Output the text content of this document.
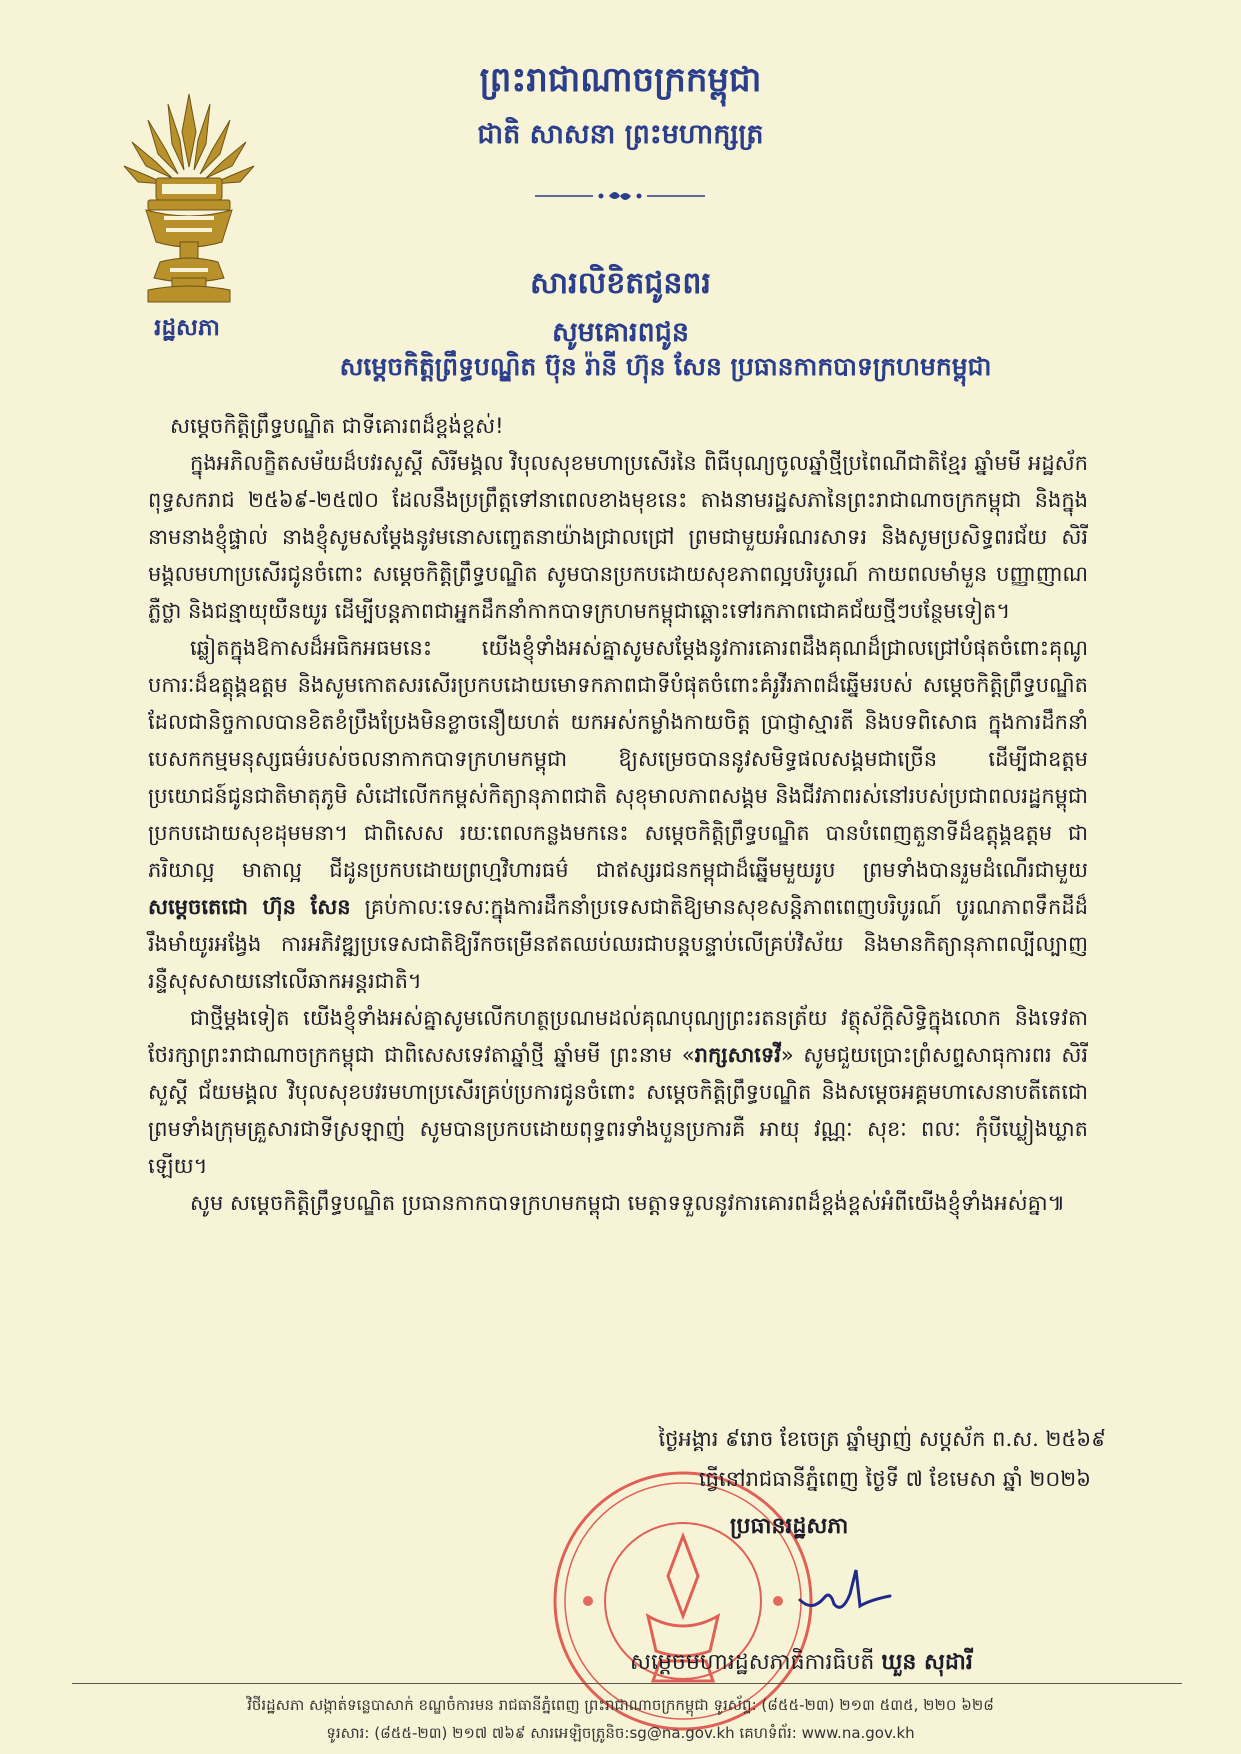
រដ្ឋសភា
ព្រះរាជាណាចក្រកម្ពុជា
ជាតិ សាសនា ព្រះមហាក្សត្រ
សារលិខិតជូនពរ
សូមគោរពជូន
សម្ដេចកិត្តិព្រឹទ្ធបណ្ឌិត ប៊ុន រ៉ានី ហ៊ុន សែន ប្រធានកាកបាទក្រហមកម្ពុជា

សម្ដេចកិត្តិព្រឹទ្ធបណ្ឌិត ជាទីគោរពដ៏ខ្ពង់ខ្ពស់!

ក្នុងអភិលក្ខិតសម័យដ៏បវរសួស្ដី សិរីមង្គល វិបុលសុខមហាប្រសើរនៃ ពិធីបុណ្យចូលឆ្នាំថ្មីប្រពៃណីជាតិខ្មែរ ឆ្នាំមមី អដ្ឋស័ក ពុទ្ធសករាជ ២៥៦៩-២៥៧០ ដែលនឹងប្រព្រឹត្តទៅនាពេលខាងមុខនេះ តាងនាមរដ្ឋសភានៃព្រះរាជាណាចក្រកម្ពុជា និងក្នុងនាមនាងខ្ញុំផ្ទាល់ នាងខ្ញុំសូមសម្ដែងនូវមនោសញ្ចេតនាយ៉ាងជ្រាលជ្រៅ ព្រមជាមួយអំណរសាទរ និងសូមប្រសិទ្ធពរជ័យ សិរីមង្គលមហាប្រសើរជូនចំពោះ សម្ដេចកិត្តិព្រឹទ្ធបណ្ឌិត សូមបានប្រកបដោយសុខភាពល្អបរិបូរណ៍ កាយពលមាំមួន បញ្ញាញាណភ្លឺថ្លា និងជន្មាយុយឺនយូរ ដើម្បីបន្តភាពជាអ្នកដឹកនាំកាកបាទក្រហមកម្ពុជាឆ្ពោះទៅរកភាពជោគជ័យថ្មីៗបន្ថែមទៀត។

ឆ្លៀតក្នុងឱកាសដ៏អធិកអធមនេះ យើងខ្ញុំទាំងអស់គ្នាសូមសម្ដែងនូវការគោរពដឹងគុណដ៏ជ្រាលជ្រៅបំផុតចំពោះគុណូបការៈដ៏ឧត្ដុង្គឧត្ដម និងសូមកោតសរសើរប្រកបដោយមោទកភាពជាទីបំផុតចំពោះគំរូវីរភាពដ៏ឆ្នើមរបស់ សម្ដេចកិត្តិព្រឹទ្ធបណ្ឌិត ដែលជានិច្ចកាលបានខិតខំប្រឹងប្រែងមិនខ្លាចនឿយហត់ យកអស់កម្លាំងកាយចិត្ត ប្រាជ្ញាស្មារតី និងបទពិសោធ ក្នុងការដឹកនាំបេសកកម្មមនុស្សធម៌របស់ចលនាកាកបាទក្រហមកម្ពុជា ឱ្យសម្រេចបាននូវសមិទ្ធផលសង្គមជាច្រើន ដើម្បីជាឧត្តមប្រយោជន៍ជូនជាតិមាតុភូមិ សំដៅលើកកម្ពស់កិត្យានុភាពជាតិ សុខុមាលភាពសង្គម និងជីវភាពរស់នៅរបស់ប្រជាពលរដ្ឋកម្ពុជាប្រកបដោយសុខដុមមនា។ ជាពិសេស រយៈពេលកន្លងមកនេះ សម្ដេចកិត្តិព្រឹទ្ធបណ្ឌិត បានបំពេញតួនាទីដ៏ឧត្ដុង្គឧត្ដម ជាភរិយាល្អ មាតាល្អ ជីដូនប្រកបដោយព្រហ្មវិហារធម៌ ជាឥស្សរជនកម្ពុជាដ៏ឆ្នើមមួយរូប ព្រមទាំងបានរួមដំណើរជាមួយ សម្ដេចតេជោ ហ៊ុន សែន គ្រប់កាលៈទេសៈក្នុងការដឹកនាំប្រទេសជាតិឱ្យមានសុខសន្តិភាពពេញបរិបូរណ៍ បូរណភាពទឹកដីដ៏រឹងមាំយូរអង្វែង ការអភិវឌ្ឍប្រទេសជាតិឱ្យរីកចម្រើនឥតឈប់ឈរជាបន្តបន្ទាប់លើគ្រប់វិស័យ និងមានកិត្យានុភាពល្បីល្បាញរន្ទឺសុសសាយនៅលើឆាកអន្តរជាតិ។

ជាថ្មីម្ដងទៀត យើងខ្ញុំទាំងអស់គ្នាសូមលើកហត្ថប្រណមដល់គុណបុណ្យព្រះរតនត្រ័យ វត្ថុស័ក្តិសិទ្ធិក្នុងលោក និងទេវតាថែរក្សាព្រះរាជាណាចក្រកម្ពុជា ជាពិសេសទេវតាឆ្នាំថ្មី ឆ្នាំមមី ព្រះនាម «រាក្សសាទេវី» សូមជួយប្រោះព្រំសព្ទសាធុការពរ សិរីសួស្ដី ជ័យមង្គល វិបុលសុខបវរមហាប្រសើរគ្រប់ប្រការជូនចំពោះ សម្ដេចកិត្តិព្រឹទ្ធបណ្ឌិត និងសម្ដេចអគ្គមហាសេនាបតីតេជោ ព្រមទាំងក្រុមគ្រួសារជាទីស្រឡាញ់ សូមបានប្រកបដោយពុទ្ធពរទាំងបួនប្រការគឺ អាយុ វណ្ណៈ សុខៈ ពលៈ កុំបីឃ្លៀងឃ្លាតឡើយ។

សូម សម្ដេចកិត្តិព្រឹទ្ធបណ្ឌិត ប្រធានកាកបាទក្រហមកម្ពុជា មេត្តាទទួលនូវការគោរពដ៏ខ្ពង់ខ្ពស់អំពីយើងខ្ញុំទាំងអស់គ្នា៕

ថ្ងៃអង្គារ ៩រោច ខែចេត្រ ឆ្នាំម្សាញ់ សប្តស័ក ព.ស. ២៥៦៩
ធ្វើនៅរាជធានីភ្នំពេញ ថ្ងៃទី ៧ ខែមេសា ឆ្នាំ ២០២៦
ប្រធានរដ្ឋសភា
សម្ដេចមហារដ្ឋសភាធិការធិបតី ឃួន សុដារី
វិថីរដ្ឋសភា សង្កាត់ទន្លេបាសាក់ ខណ្ឌចំការមន រាជធានីភ្នំពេញ ព្រះរាជាណាចក្រកម្ពុជា ទូរស័ព្ទ: (៨៥៥-២៣) ២១៣ ៥៣៥, ២២០ ៦២៨
ទូរសារ: (៨៥៥-២៣) ២១៧ ៧៦៩ សារអេឡិចត្រូនិច:sg@na.gov.kh គេហទំព័រ: www.na.gov.kh
